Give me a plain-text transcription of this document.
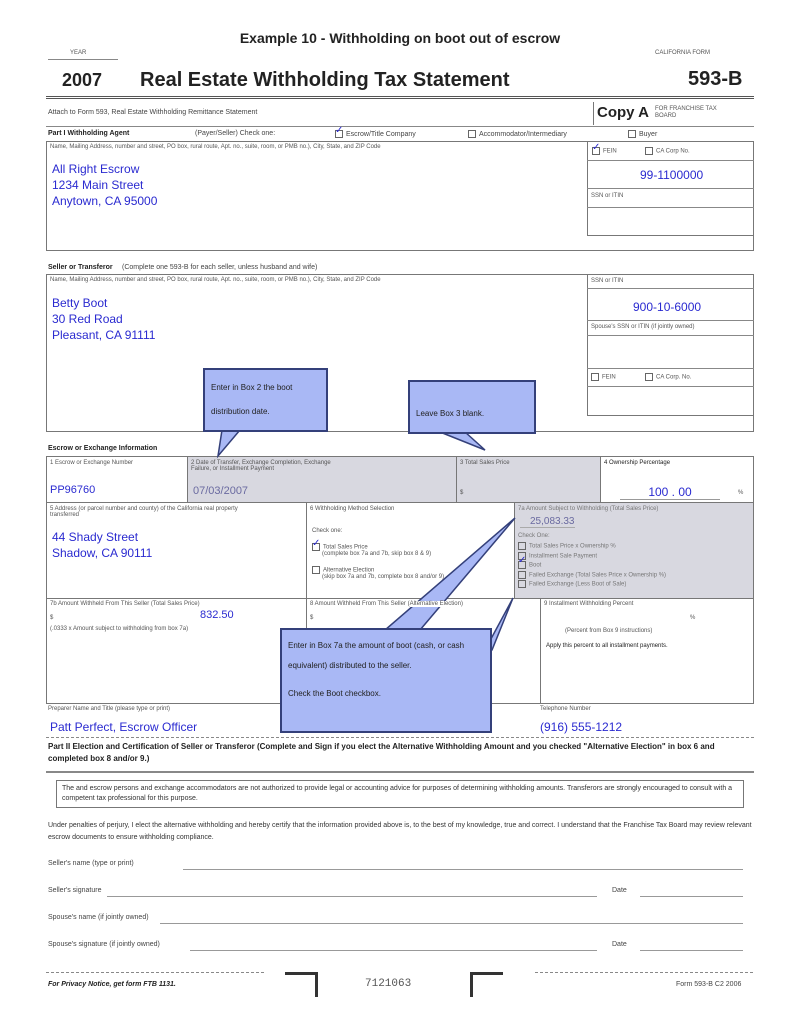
Example 10 - Withholding on boot out of escrow
YEAR	CALIFORNIA FORM
2007 Real Estate Withholding Tax Statement	593-B
Attach to Form 593, Real Estate Withholding Remittance Statement	Copy A FOR FRANCHISE TAX BOARD
Part I Withholding Agent	(Payer/Seller) Check one: ✓	Escrow/Title Company	Accommodator/Intermediary	Buyer
Name, Mailing Address, number and street, PO box, rural route, Apt. no., suite, room, or PMB no.), City, State, and ZIP Code
All Right Escrow
1234 Main Street
Anytown, CA 95000
✓FEIN	CA Corp No.
99-1100000
SSN or ITIN
Seller or Transferor (Complete one 593-B for each seller, unless husband and wife)
Name, Mailing Address, number and street, PO box, rural route, Apt. no., suite, room, or PMB no.), City, State, and ZIP Code
Betty Boot
30 Red Road
Pleasant, CA 91111
SSN or ITIN
900-10-6000
Spouse's SSN or ITIN (if jointly owned)
FEIN	CA Corp. No.
Escrow or Exchange Information
1 Escrow or Exchange Number
PP96760
2 Date of Transfer, Exchange Completion, Exchange Failure, or Installment Payment
07/03/2007
3 Total Sales Price
$
4 Ownership Percentage
100 . 00	%
5 Address (or parcel number and county) of the California real property transferred
44 Shady Street
Shadow, CA 90111
6 Withholding Method Selection
Check one:
✓Total Sales Price
(complete box 7a and 7b, skip box 8 & 9)
Alternative Election
(skip box 7a and 7b, complete box 8 and/or 9)
7a Amount Subject to Withholding (Total Sales Price)
25,083.33
Check One:
Total Sales Price x Ownership %
Installment Sale Payment
✓Boot
Failed Exchange (Total Sales Price x Ownership %)
Failed Exchange (Less Boot of Sale)
7b Amount Withheld From This Seller (Total Sales Price)
$	832.50
(.0333 x Amount subject to withholding from box 7a)
8 Amount Withheld From This Seller (Alternative Election)
$
9 Installment Withholding Percent
%
(Percent from Box 9 instructions)
Apply this percent to all installment payments.
Preparer Name and Title (please type or print)
Patt Perfect, Escrow Officer
Telephone Number
(916) 555-1212
Part II Election and Certification of Seller or Transferor (Complete and Sign if you elect the Alternative Withholding Amount and you checked "Alternative Election" in box 6 and completed box 8 and/or 9.)
The and escrow persons and exchange accommodators are not authorized to provide legal or accounting advice for purposes of determining withholding amounts. Transferors are strongly encouraged to consult with a competent tax professional for this purpose.
Under penalties of perjury, I elect the alternative withholding and hereby certify that the information provided above is, to the best of my knowledge, true and correct. I understand that the Franchise Tax Board may review relevant escrow documents to ensure withholding compliance.
Seller's name (type or print)
Seller's signature	Date
Spouse's name (if jointly owned)
Spouse's signature (if jointly owned)	Date
For Privacy Notice, get form FTB 1131.	7121063	Form 593-B C2 2006
Enter in Box 2 the boot distribution date.	Leave Box 3 blank.
Enter in Box 7a the amount of boot (cash, or cash equivalent) distributed to the seller.
Check the Boot checkbox.
